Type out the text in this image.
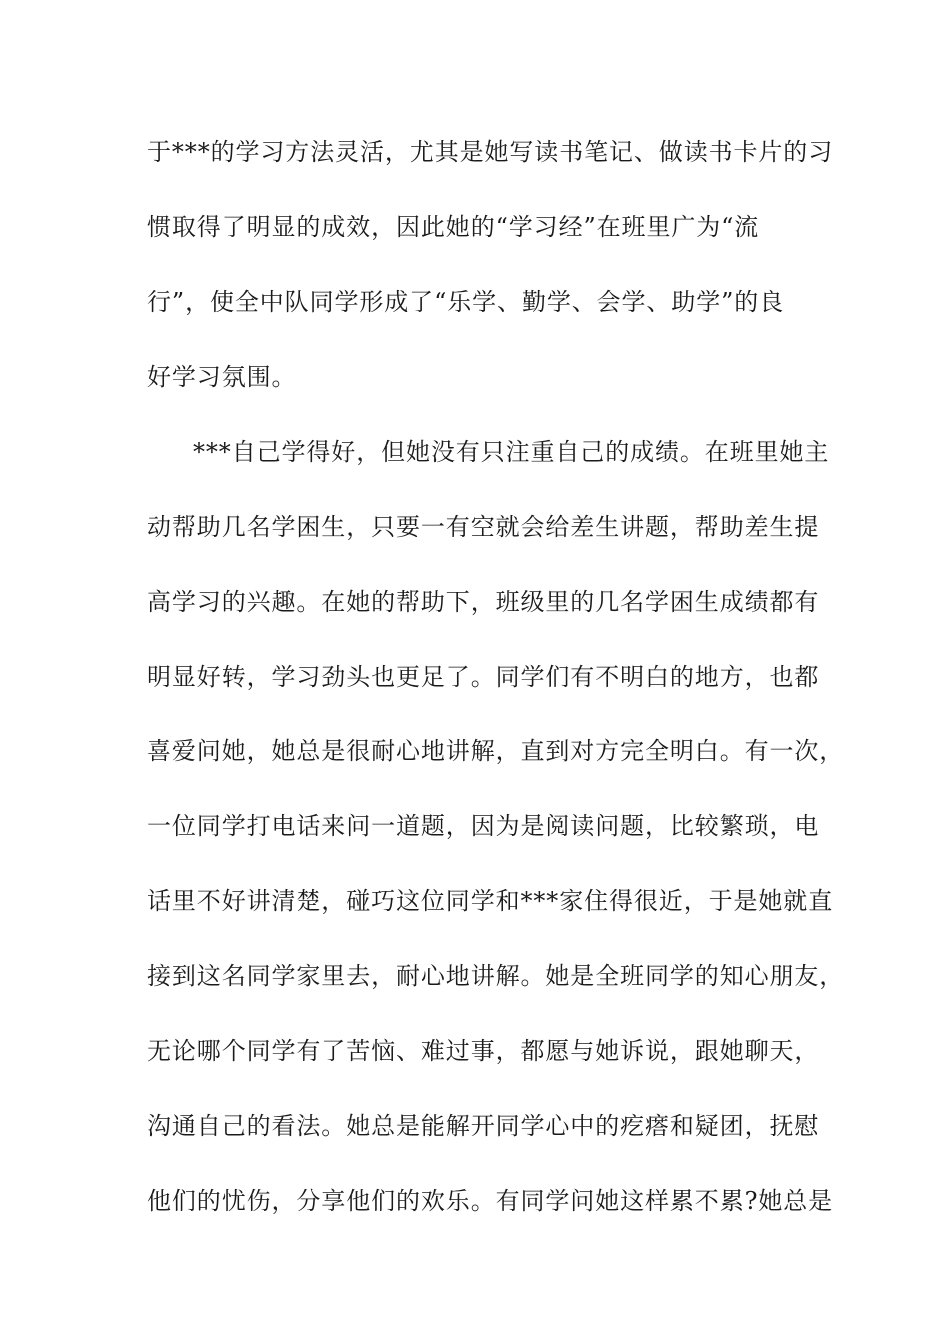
于***的学习方法灵活，尤其是她写读书笔记、做读书卡片的习
惯取得了明显的成效，因此她的“学习经”在班里广为“流
行”，使全中队同学形成了“乐学、勤学、会学、助学”的良
好学习氛围。
***自己学得好，但她没有只注重自己的成绩。在班里她主
动帮助几名学困生，只要一有空就会给差生讲题，帮助差生提
高学习的兴趣。在她的帮助下，班级里的几名学困生成绩都有
明显好转，学习劲头也更足了。同学们有不明白的地方，也都
喜爱问她，她总是很耐心地讲解，直到对方完全明白。有一次，
一位同学打电话来问一道题，因为是阅读问题，比较繁琐，电
话里不好讲清楚，碰巧这位同学和***家住得很近，于是她就直
接到这名同学家里去，耐心地讲解。她是全班同学的知心朋友，
无论哪个同学有了苦恼、难过事，都愿与她诉说，跟她聊天，
沟通自己的看法。她总是能解开同学心中的疙瘩和疑团，抚慰
他们的忧伤，分享他们的欢乐。有同学问她这样累不累?她总是
